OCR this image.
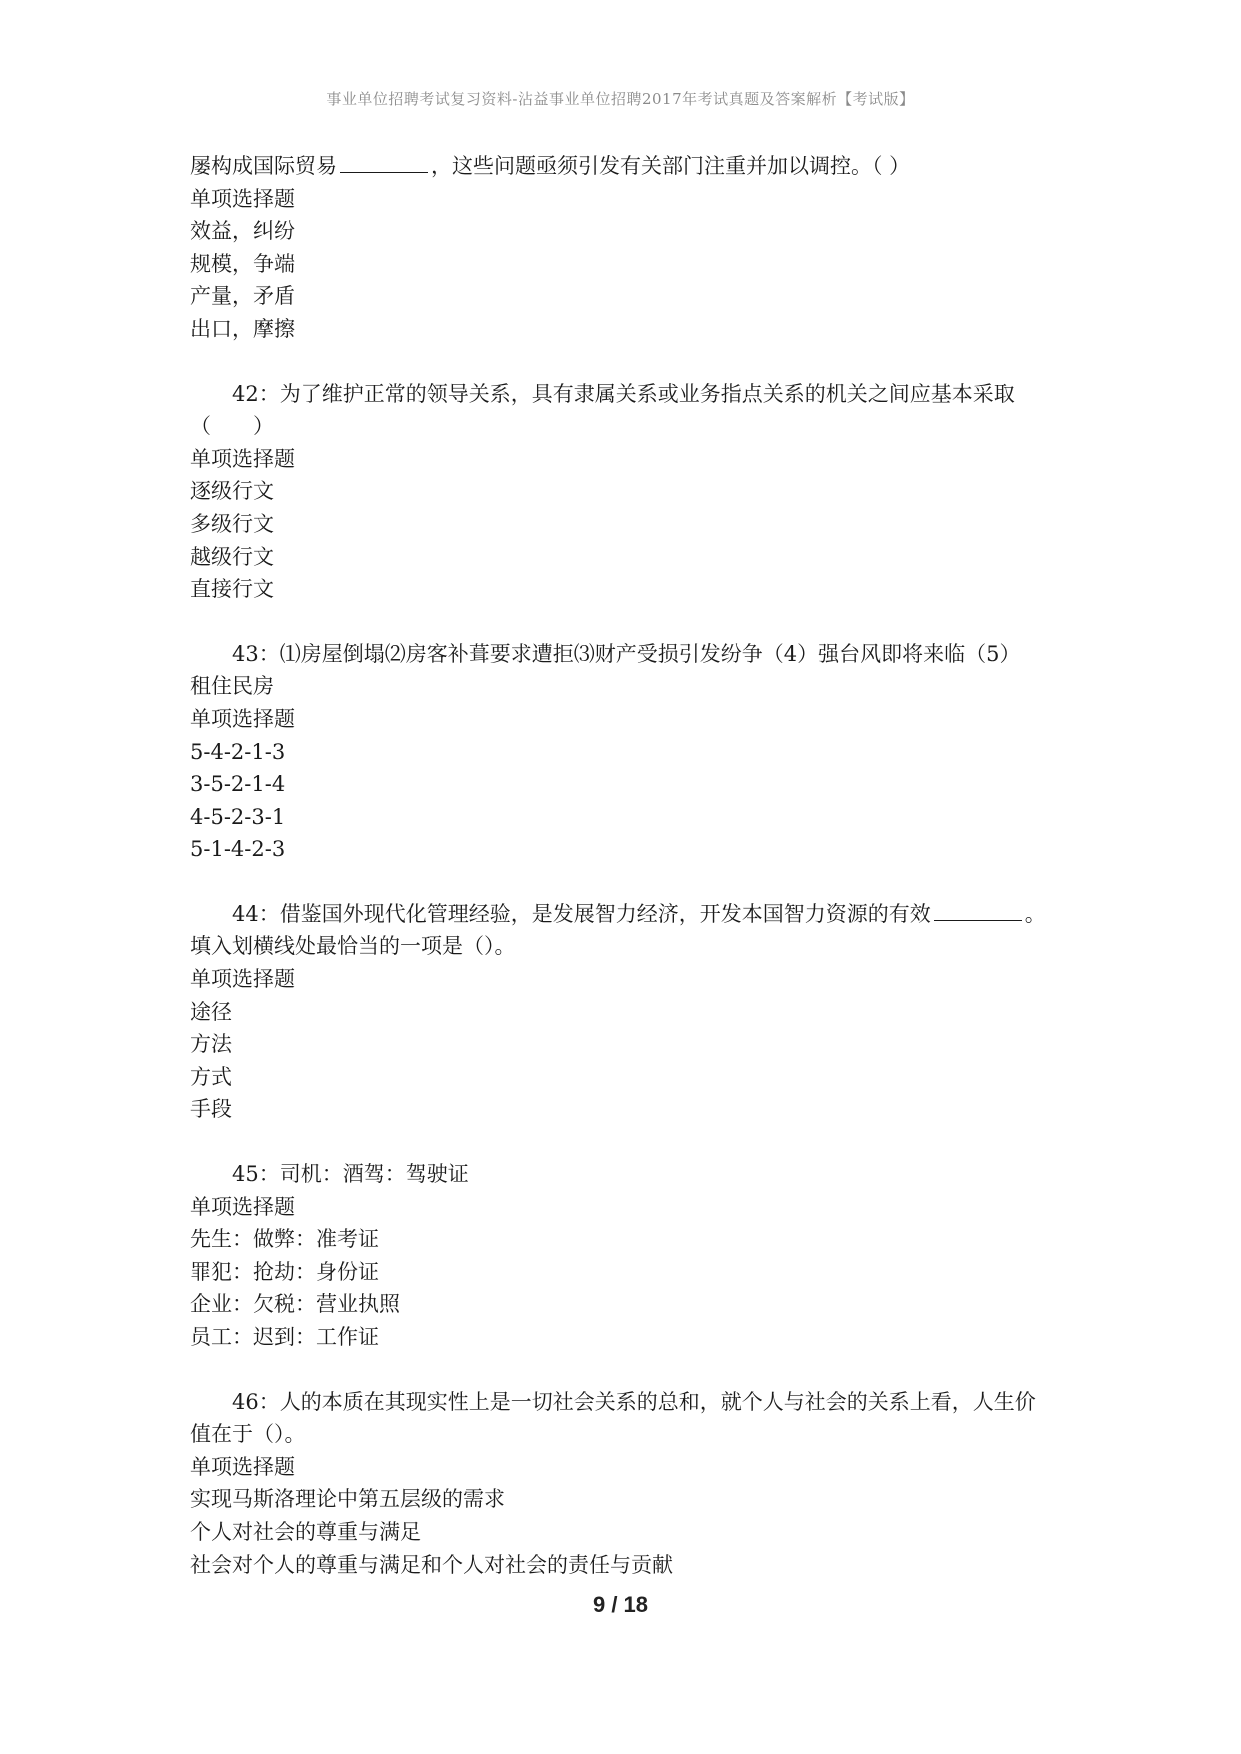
事业单位招聘考试复习资料-沾益事业单位招聘2017年考试真题及答案解析【考试版】
屡构成国际贸易	，这些问题亟须引发有关部门注重并加以调控。（ ）
单项选择题
效益，纠纷
规模，争端
产量，矛盾
出口，摩擦
42：为了维护正常的领导关系，具有隶属关系或业务指点关系的机关之间应基本采取
（　　）
单项选择题
逐级行文
多级行文
越级行文
直接行文
43：⑴房屋倒塌⑵房客补葺要求遭拒⑶财产受损引发纷争（4）强台风即将来临（5）
租住民房
单项选择题
5-4-2-1-3
3-5-2-1-4
4-5-2-3-1
5-1-4-2-3
44：借鉴国外现代化管理经验，是发展智力经济，开发本国智力资源的有效	。
填入划横线处最恰当的一项是（）。
单项选择题
途径
方法
方式
手段
45：司机：酒驾：驾驶证
单项选择题
先生：做弊：准考证
罪犯：抢劫：身份证
企业：欠税：营业执照
员工：迟到：工作证
46：人的本质在其现实性上是一切社会关系的总和，就个人与社会的关系上看，人生价
值在于（）。
单项选择题
实现马斯洛理论中第五层级的需求
个人对社会的尊重与满足
社会对个人的尊重与满足和个人对社会的责任与贡献
9 / 18
